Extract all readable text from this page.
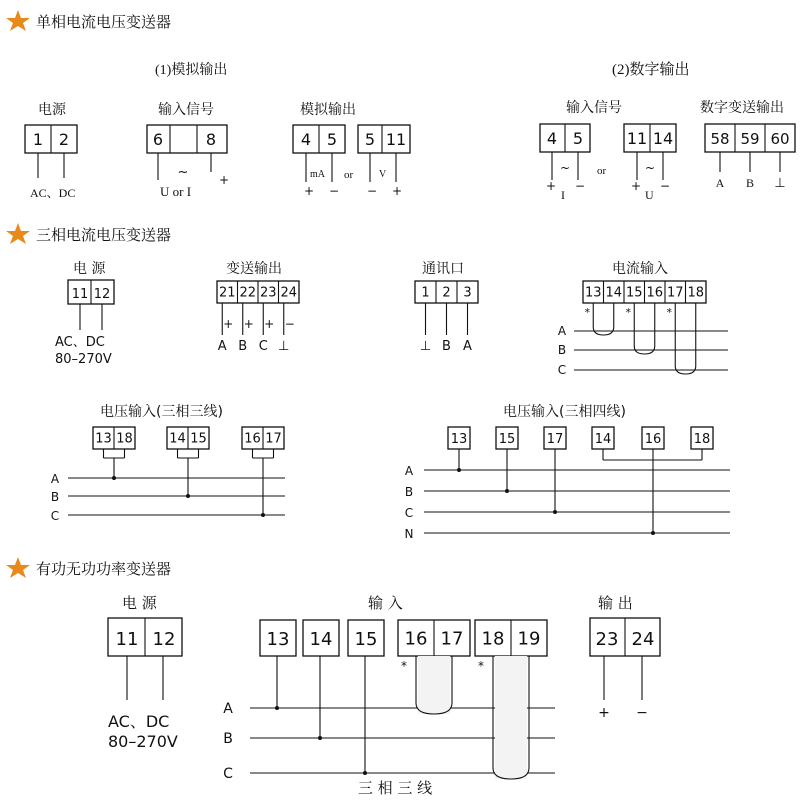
单相电流电压变送器
(1)模拟输出	(2)数字输出
电源
1 2
AC、DC
输入信号
6	8
~	+
U or I
模拟输出
4 5
mA
+ −
or
5 11
V
− +
输入信号
4 5
~
+ −
I
or
11 14
~
+ −
U
数字变送输出
58 59 60
A B ⊥
三相电流电压变送器
电 源
11 12
AC、DC
80–270V
变送输出
21 22 23 24
+
A
+
B
+
C
−
⊥
通讯口
1 2 3
⊥ B A
电流输入
13 14 15 16 17 18
A
B
C
*	*	*
电压输入(三相三线)
A
B
C
13 18	14 15	16 17
电压输入(三相四线)
A
B
C
N
13 15 17 14	16 18
有功无功功率变送器
电 源
11 12
AC、DC
80–270V
输 入
A
B
C
13 14 15 16 17 18 19
*	*
三 相 三 线
输 出
23 24
+ −
